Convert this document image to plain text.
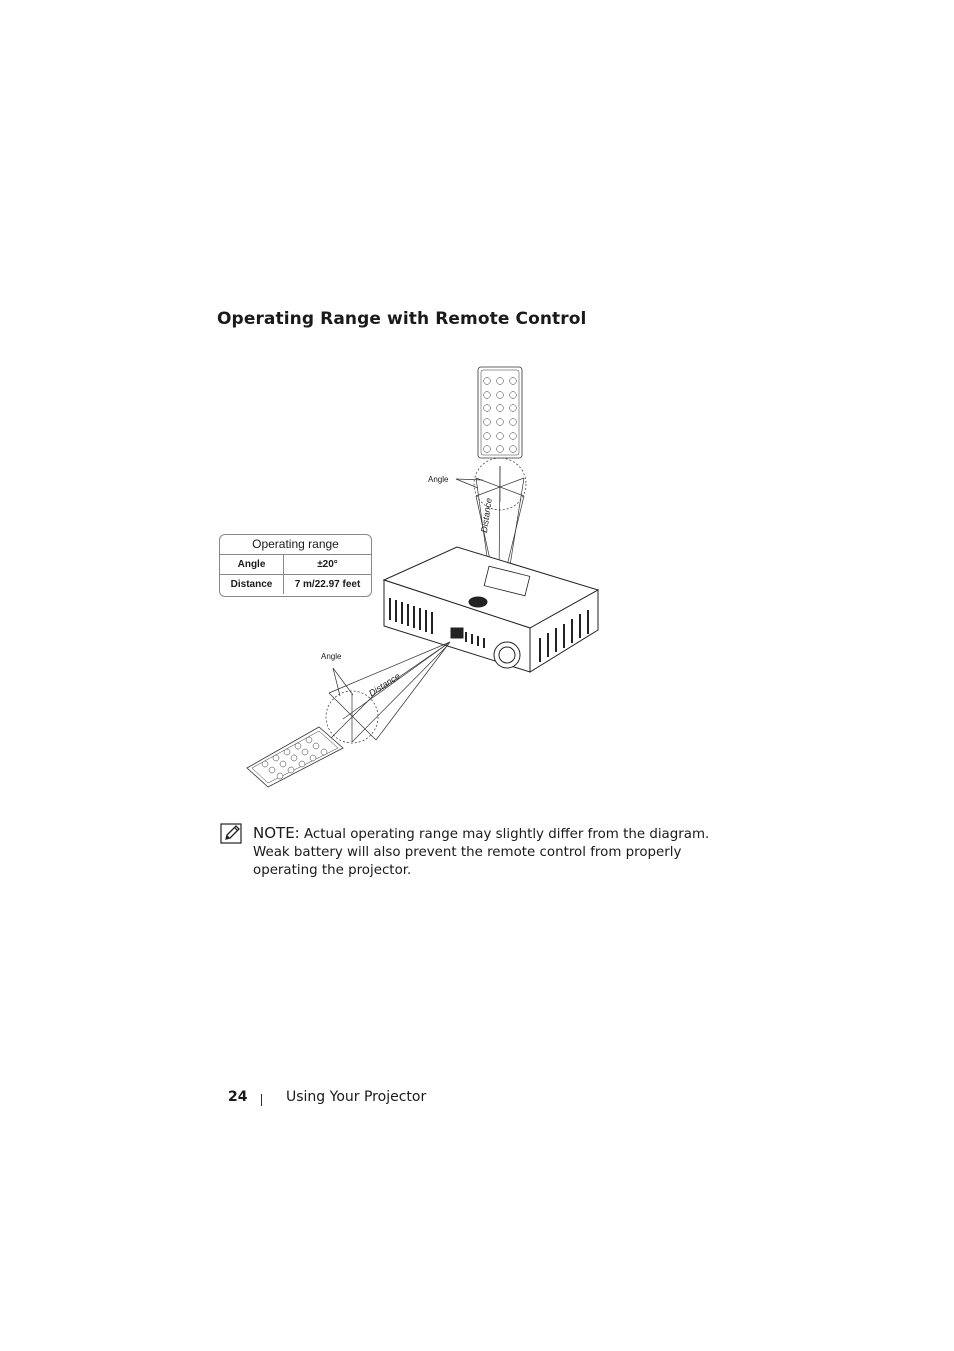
Operating Range with Remote Control
Angle
Distance
Angle
Distance
Operating range
Angle	±20°
Distance	7 m/22.97 feet
NOTE: Actual operating range may slightly differ from the diagram. Weak battery will also prevent the remote control from properly operating the projector.
24	Using Your Projector
